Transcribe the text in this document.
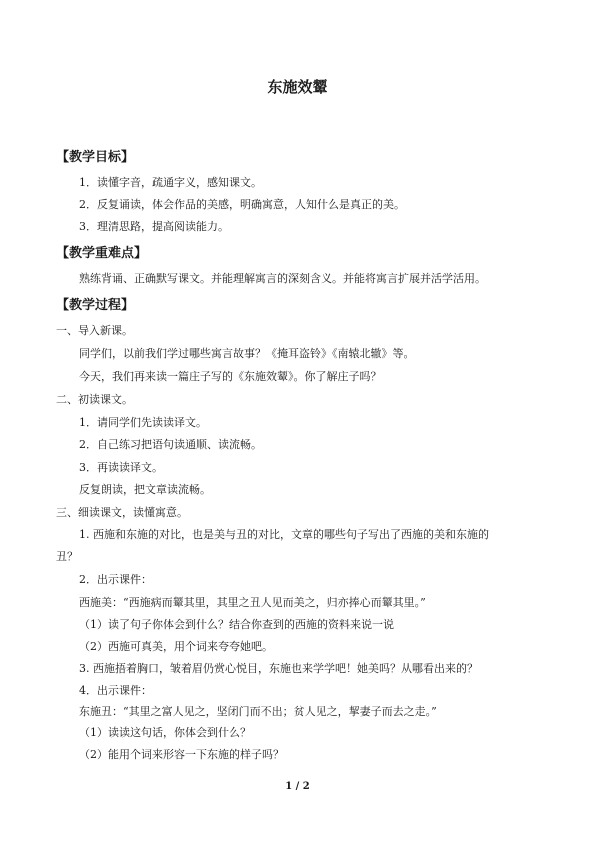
东施效颦
【教学目标】
1．读懂字音，疏通字义，感知课文。
2．反复诵读，体会作品的美感，明确寓意，人知什么是真正的美。
3．理清思路，提高阅读能力。
【教学重难点】
熟练背诵、正确默写课文。并能理解寓言的深刻含义。并能将寓言扩展并活学活用。
【教学过程】
一、导入新课。
同学们，以前我们学过哪些寓言故事？《掩耳盗铃》《南辕北辙》等。
今天，我们再来读一篇庄子写的《东施效颦》。你了解庄子吗？
二、初读课文。
1．请同学们先读读译文。
2．自己练习把语句读通顺、读流畅。
3．再读读译文。
反复朗读，把文章读流畅。
三、细读课文，读懂寓意。
1. 西施和东施的对比，也是美与丑的对比，文章的哪些句子写出了西施的美和东施的
丑？
2．出示课件：
西施美：“西施病而颦其里，其里之丑人见而美之，归亦捧心而颦其里。”
（1）读了句子你体会到什么？结合你查到的西施的资料来说一说
（2）西施可真美，用个词来夸夸她吧。
3. 西施捂着胸口，皱着眉仍赏心悦目，东施也来学学吧！她美吗？从哪看出来的？
4．出示课件：
东施丑：“其里之富人见之，坚闭门而不出；贫人见之，挈妻子而去之走。”
（1）读读这句话，你体会到什么？
（2）能用个词来形容一下东施的样子吗？
1 / 2
